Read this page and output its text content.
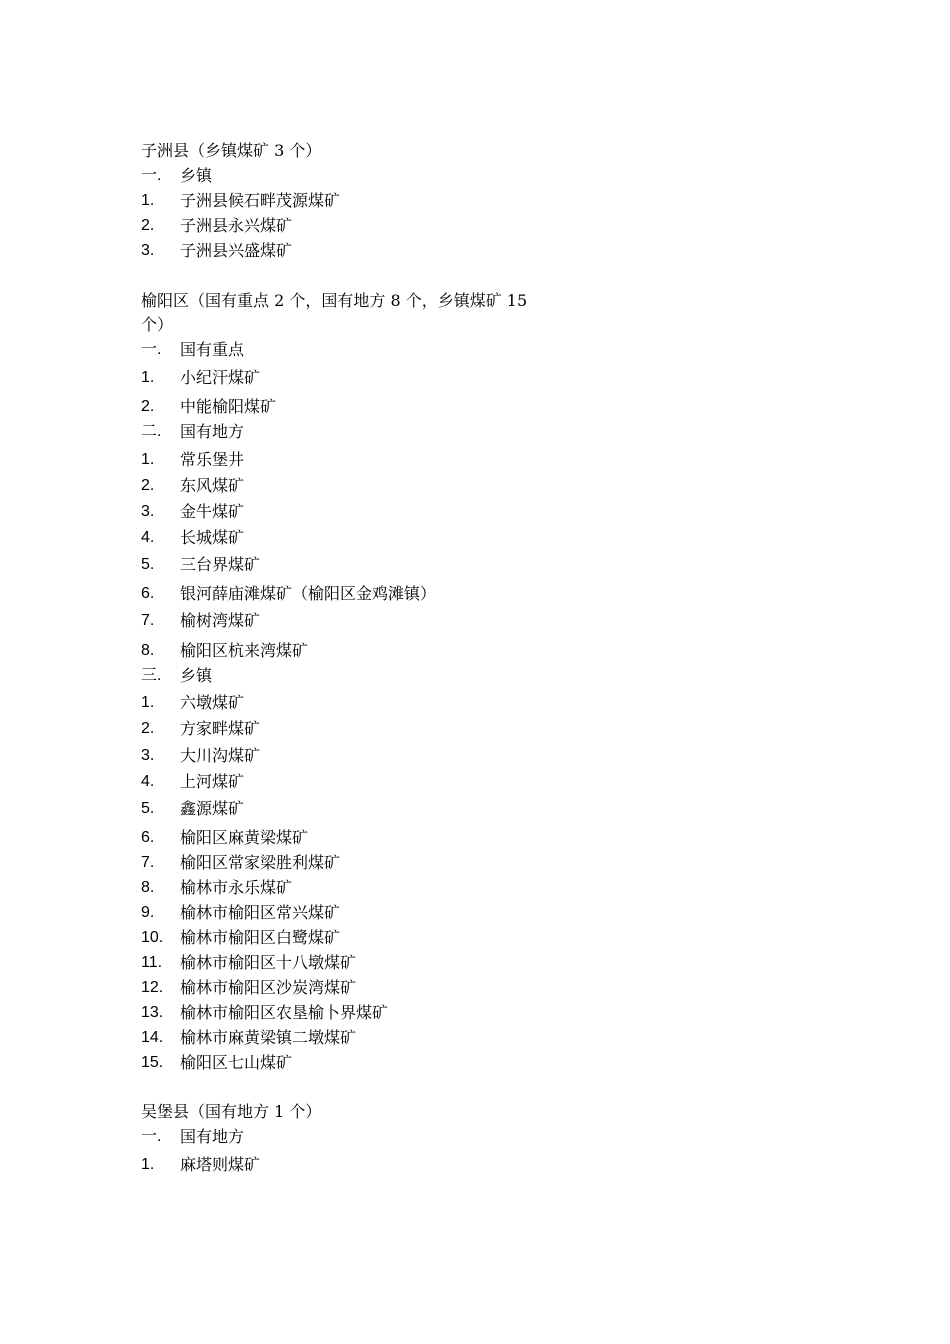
子洲县（乡镇煤矿 3 个）
一.	乡镇
1.	子洲县候石畔茂源煤矿
2.	子洲县永兴煤矿
3.	子洲县兴盛煤矿
榆阳区（国有重点 2 个，国有地方 8 个，乡镇煤矿 15
个）
一.	国有重点
1.	小纪汗煤矿
2.	中能榆阳煤矿
二.	国有地方
1.	常乐堡井
2.	东风煤矿
3.	金牛煤矿
4.	长城煤矿
5.	三台界煤矿
6.	银河薛庙滩煤矿（榆阳区金鸡滩镇）
7.	榆树湾煤矿
8.	榆阳区杭来湾煤矿
三.	乡镇
1.	六墩煤矿
2.	方家畔煤矿
3.	大川沟煤矿
4.	上河煤矿
5.	鑫源煤矿
6.	榆阳区麻黄梁煤矿
7.	榆阳区常家梁胜利煤矿
8.	榆林市永乐煤矿
9.	榆林市榆阳区常兴煤矿
10.	榆林市榆阳区白鹭煤矿
11.	榆林市榆阳区十八墩煤矿
12.	榆林市榆阳区沙炭湾煤矿
13.	榆林市榆阳区农垦榆卜界煤矿
14.	榆林市麻黄梁镇二墩煤矿
15.	榆阳区七山煤矿
吴堡县（国有地方 1 个）
一.	国有地方
1.	麻塔则煤矿
